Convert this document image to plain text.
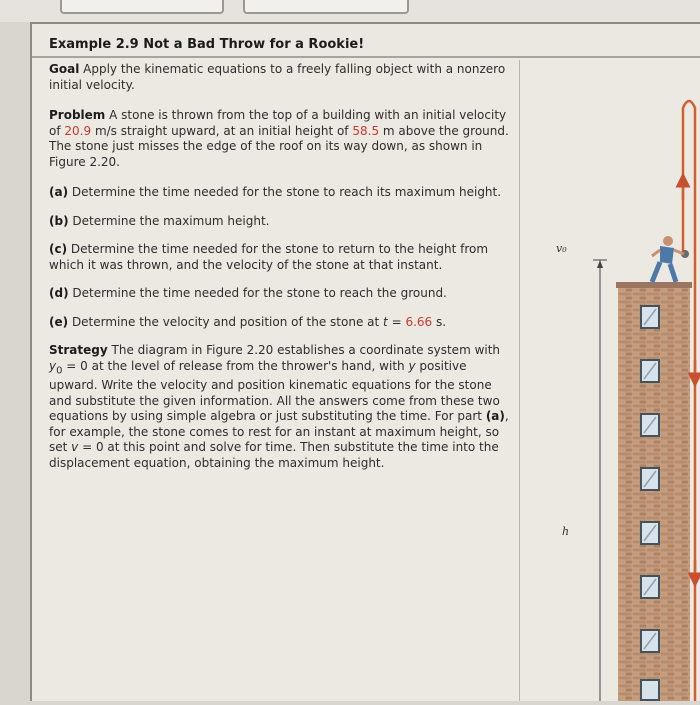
Example 2.9 Not a Bad Throw for a Rookie!

Goal Apply the kinematic equations to a freely falling object with a nonzero initial velocity.

Problem A stone is thrown from the top of a building with an initial velocity of 20.9 m/s straight upward, at an initial height of 58.5 m above the ground. The stone just misses the edge of the roof on its way down, as shown in Figure 2.20.

(a) Determine the time needed for the stone to reach its maximum height.

(b) Determine the maximum height.

(c) Determine the time needed for the stone to return to the height from which it was thrown, and the velocity of the stone at that instant.

(d) Determine the time needed for the stone to reach the ground.

(e) Determine the velocity and position of the stone at t = 6.66 s.

Strategy The diagram in Figure 2.20 establishes a coordinate system with $y_0 = 0$ at the level of release from the thrower's hand, with y positive upward. Write the velocity and position kinematic equations for the stone and substitute the given information. All the answers come from these two equations by using simple algebra or just substituting the time. For part (a), for example, the stone comes to rest for an instant at maximum height, so set v = 0 at this point and solve for time. Then substitute the time into the displacement equation, obtaining the maximum height.

v₀
h
